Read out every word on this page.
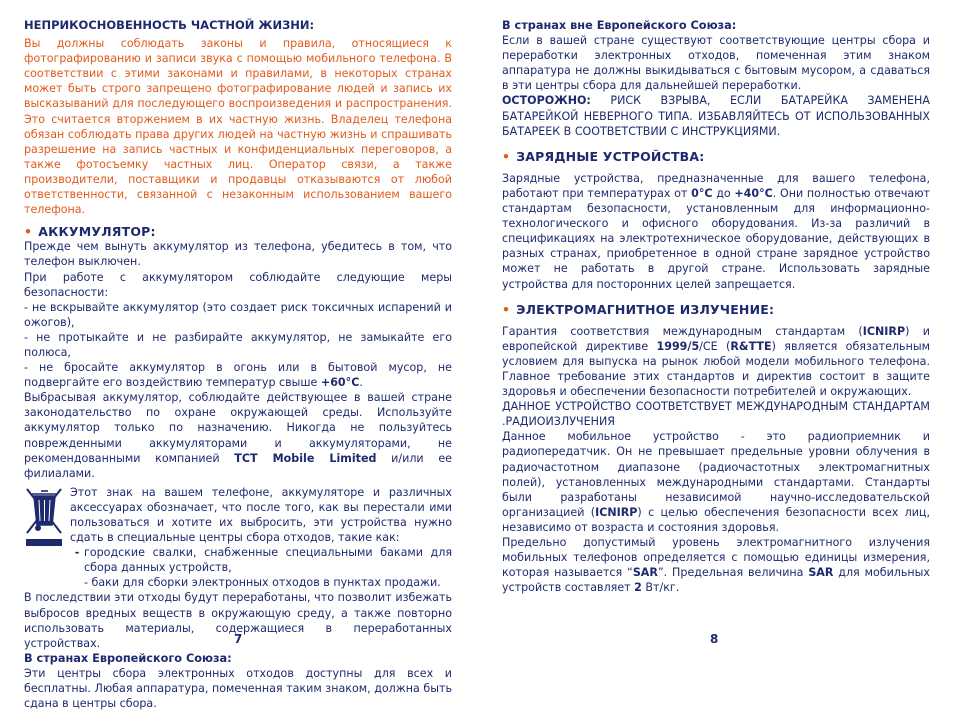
НЕПРИКОСНОВЕННОСТЬ ЧАСТНОЙ ЖИЗНИ:

Вы должны соблюдать законы и правила, относящиеся к фотографированию и записи звука с помощью мобильного телефона. В соответствии с этими законами и правилами, в некоторых странах может быть строго запрещено фотографирование людей и запись их высказываний для последующего воспроизведения и распространения. Это считается вторжением в их частную жизнь. Владелец телефона обязан соблюдать права других людей на частную жизнь и спрашивать разрешение на запись частных и конфиденциальных переговоров, а также фотосъемку частных лиц. Оператор связи, а также производители, поставщики и продавцы отказываются от любой ответственности, связанной с незаконным использованием вашего телефона.

• АККУМУЛЯТОР:

Прежде чем вынуть аккумулятор из телефона, убедитесь в том, что телефон выключен.

При работе с аккумулятором соблюдайте следующие меры безопасности:

- не вскрывайте аккумулятор (это создает риск токсичных испарений и ожогов),

- не протыкайте и не разбирайте аккумулятор, не замыкайте его полюса,

- не бросайте аккумулятор в огонь или в бытовой мусор, не подвергайте его воздействию температур свыше +60°C.

Выбрасывая аккумулятор, соблюдайте действующее в вашей стране законодательство по охране окружающей среды. Используйте аккумулятор только по назначению. Никогда не пользуйтесь поврежденными аккумуляторами и аккумуляторами, не рекомендованными компанией TCT Mobile Limited и/или ее филиалами.

Этот знак на вашем телефоне, аккумуляторе и различных аксессуарах обозначает, что после того, как вы перестали ими пользоваться и хотите их выбросить, эти устройства нужно сдать в специальные центры сбора отходов, такие как:

- городские свалки, снабженные специальными баками для сбора данных устройств,

- баки для сборки электронных отходов в пунктах продажи.

В последствии эти отходы будут переработаны, что позволит избежать выбросов вредных веществ в окружающую среду, а также повторно использовать материалы, содержащиеся в переработанных устройствах.

В странах Европейского Союза:

Эти центры сбора электронных отходов доступны для всех и бесплатны. Любая аппаратура, помеченная таким знаком, должна быть сдана в центры сбора.

7

В странах вне Европейского Союза:

Если в вашей стране существуют соответствующие центры сбора и переработки электронных отходов, помеченная этим знаком аппаратура не должны выкидываться с бытовым мусором, а сдаваться в эти центры сбора для дальнейшей переработки.

ОСТОРОЖНО: РИСК ВЗРЫВА, ЕСЛИ БАТАРЕЙКА ЗАМЕНЕНА БАТАРЕЙКОЙ НЕВЕРНОГО ТИПА. ИЗБАВЛЯЙТЕСЬ ОТ ИСПОЛЬЗОВАННЫХ БАТАРЕЕК В СООТВЕТСТВИИ С ИНСТРУКЦИЯМИ.

• ЗАРЯДНЫЕ УСТРОЙСТВА:

Зарядные устройства, предназначенные для вашего телефона, работают при температурах от 0°C до +40°C. Они полностью отвечают стандартам безопасности, установленным для информационно-технологического и офисного оборудования. Из-за различий в спецификациях на электротехническое оборудование, действующих в разных странах, приобретенное в одной стране зарядное устройство может не работать в другой стране. Использовать зарядные устройства для посторонних целей запрещается.

• ЭЛЕКТРОМАГНИТНОЕ ИЗЛУЧЕНИЕ:

Гарантия соответствия международным стандартам (ICNIRP) и европейской директиве 1999/5/CE (R&TTE) является обязательным условием для выпуска на рынок любой модели мобильного телефона. Главное требование этих стандартов и директив состоит в защите здоровья и обеспечении безопасности потребителей и окружающих.

ДАННОЕ УСТРОЙСТВО СООТВЕТСТВУЕТ МЕЖДУНАРОДНЫМ СТАНДАРТАМ .РАДИОИЗЛУЧЕНИЯ

Данное мобильное устройство - это радиоприемник и радиопередатчик. Он не превышает предельные уровни облучения в радиочастотном диапазоне (радиочастотных электромагнитных полей), установленных международными стандартами. Стандарты были разработаны независимой научно-исследовательской организацией (ICNIRP) с целью обеспечения безопасности всех лиц, независимо от возраста и состояния здоровья.

Предельно допустимый уровень электромагнитного излучения мобильных телефонов определяется с помощью единицы измерения, которая называется “SAR”. Предельная величина SAR для мобильных устройств составляет 2 Вт/кг.

8
